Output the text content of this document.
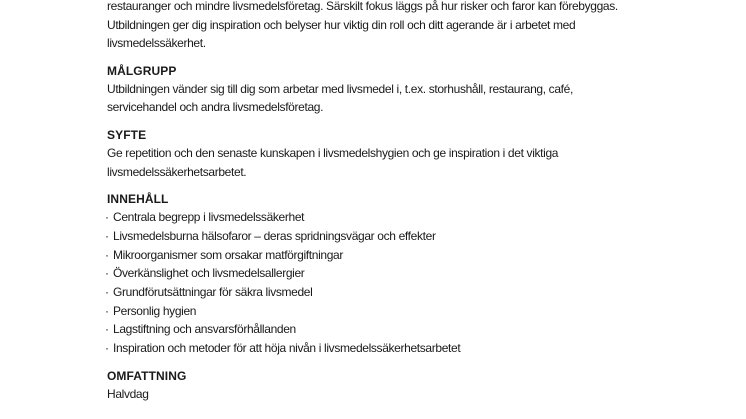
restauranger och mindre livsmedelsföretag. Särskilt fokus läggs på hur risker och faror kan förebyggas.
Utbildningen ger dig inspiration och belyser hur viktig din roll och ditt agerande är i arbetet med
livsmedelssäkerhet.
MÅLGRUPP
Utbildningen vänder sig till dig som arbetar med livsmedel i, t.ex. storhushåll, restaurang, café,
servicehandel och andra livsmedelsföretag.
SYFTE
Ge repetition och den senaste kunskapen i livsmedelshygien och ge inspiration i det viktiga
livsmedelssäkerhetsarbetet.
INNEHÅLL
· Centrala begrepp i livsmedelssäkerhet
· Livsmedelsburna hälsofaror – deras spridningsvägar och effekter
· Mikroorganismer som orsakar matförgiftningar
· Överkänslighet och livsmedelsallergier
· Grundförutsättningar för säkra livsmedel
· Personlig hygien
· Lagstiftning och ansvarsförhållanden
· Inspiration och metoder för att höja nivån i livsmedelssäkerhetsarbetet
OMFATTNING
Halvdag
